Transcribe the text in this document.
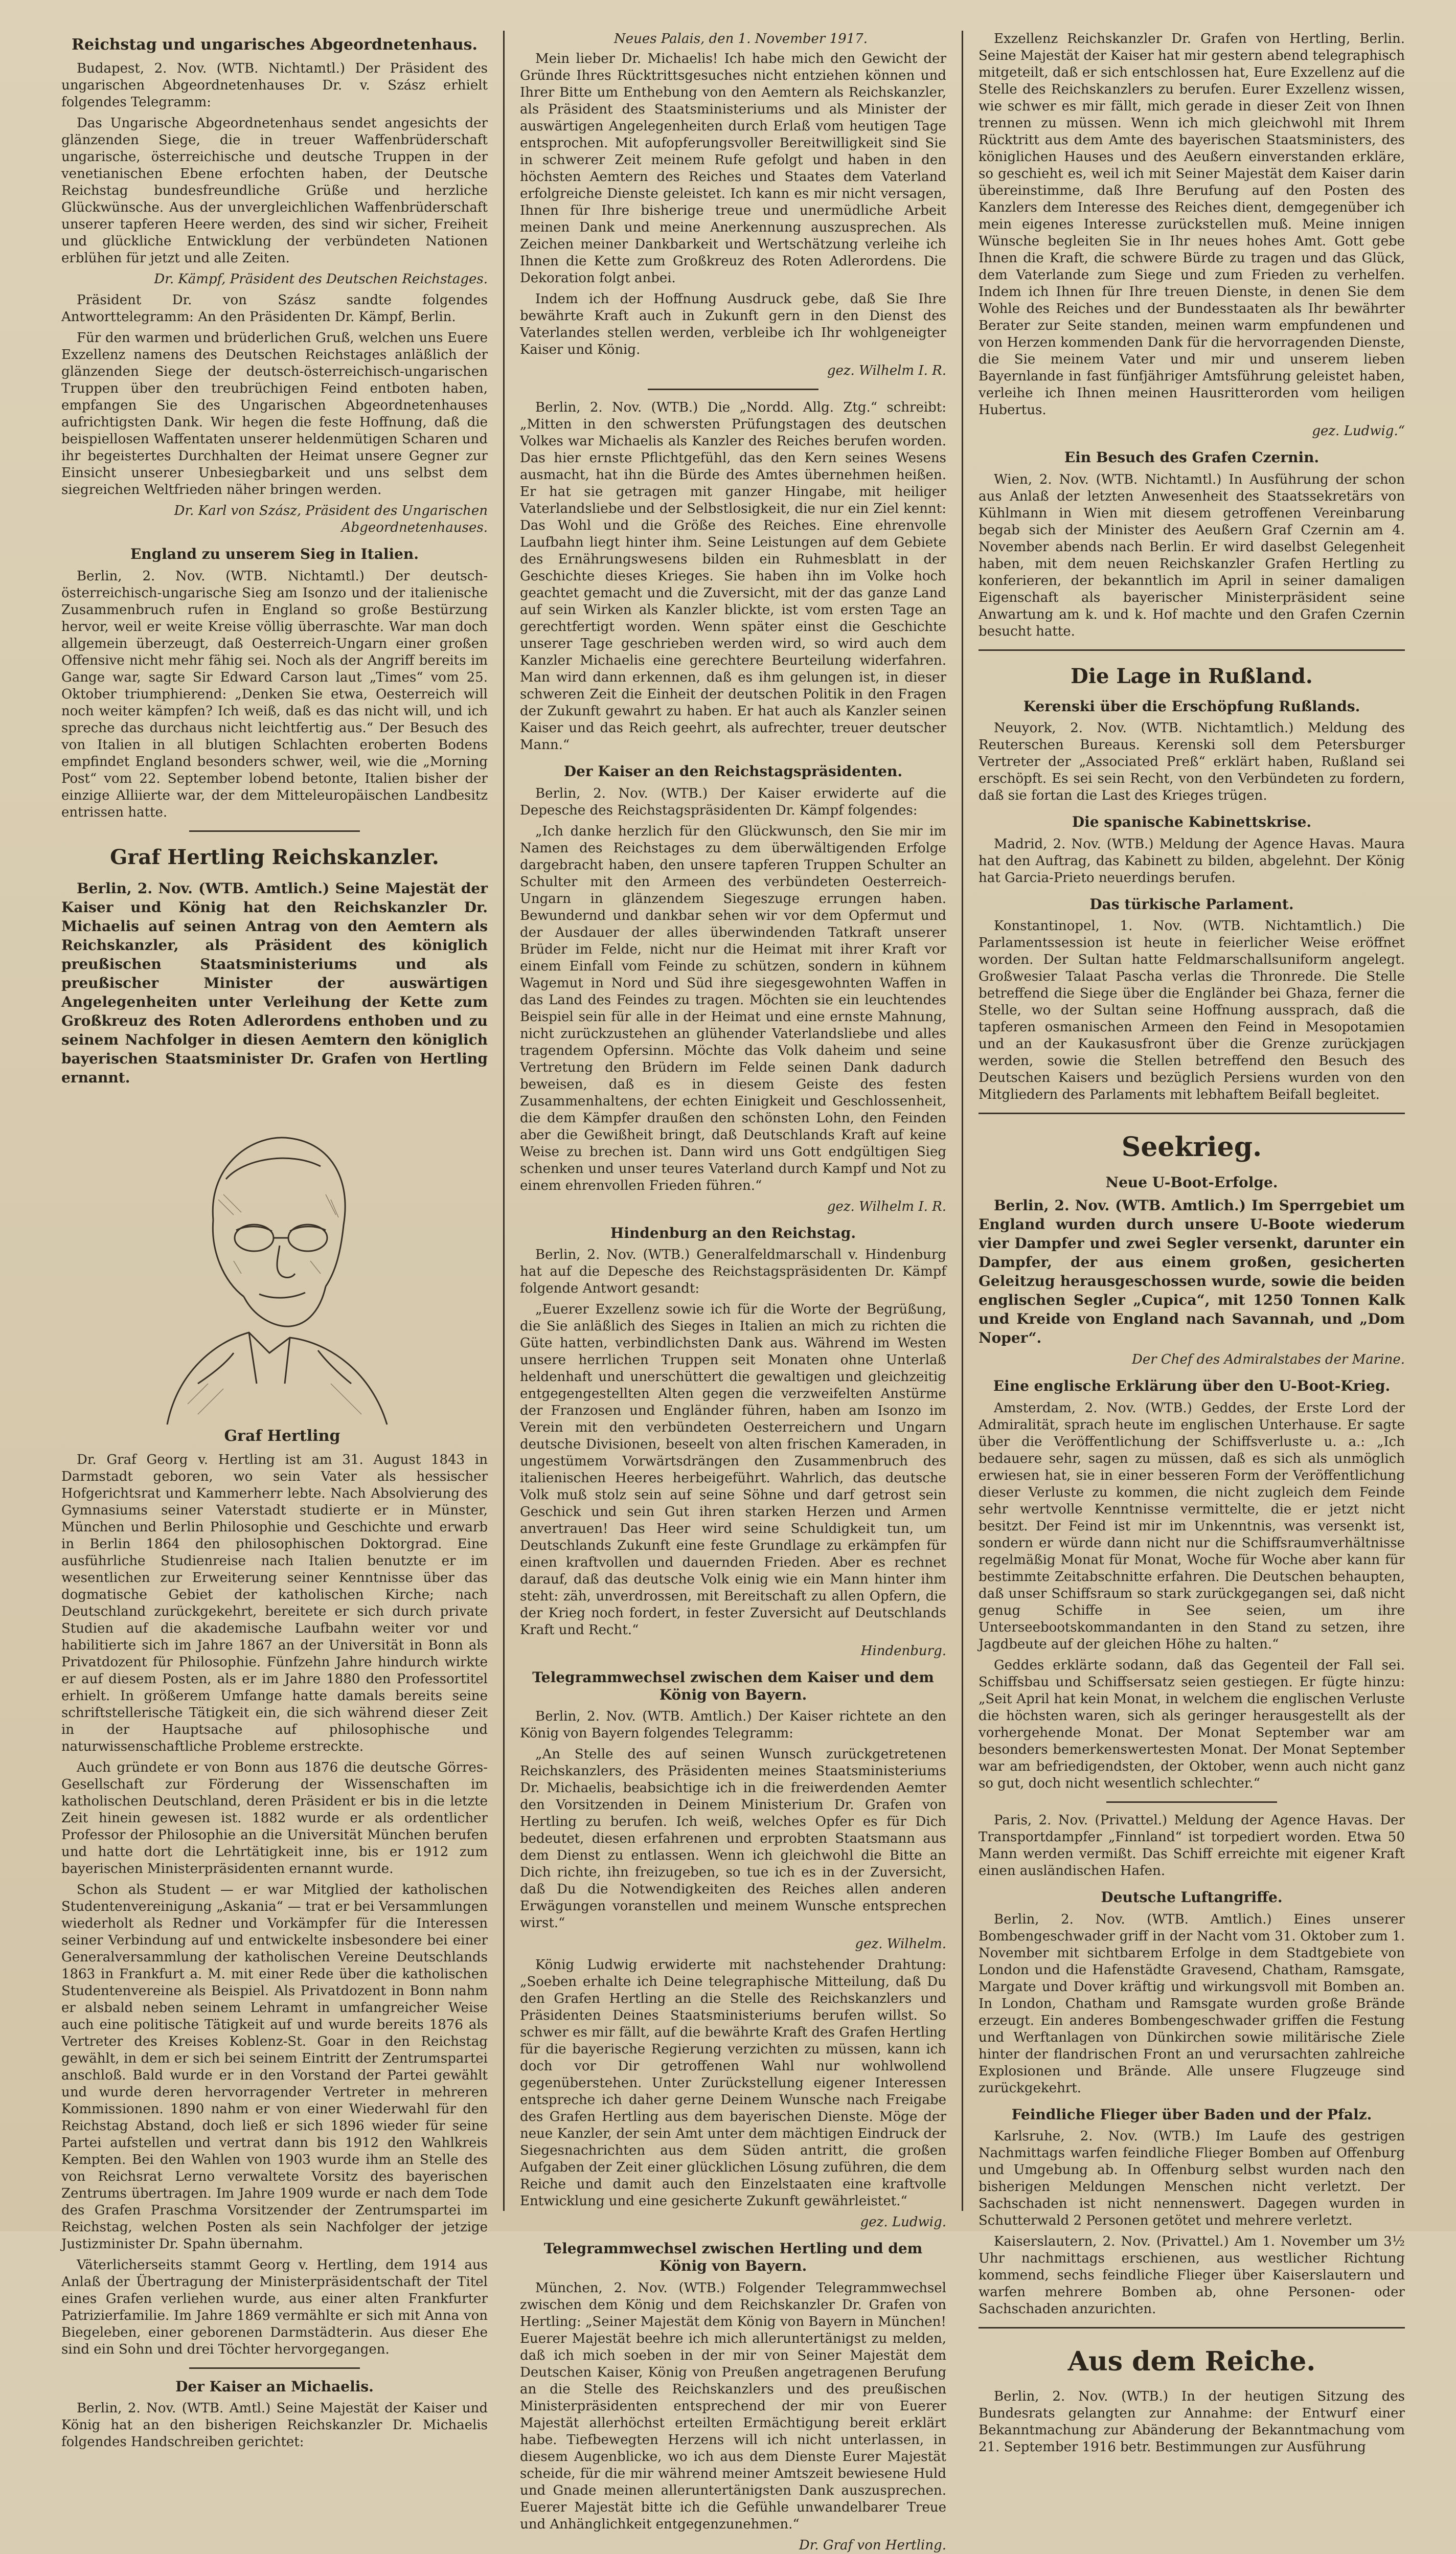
Reichstag und ungarisches Abgeordnetenhaus.

Budapest, 2. Nov. (WTB. Nichtamtl.) Der Präsident des ungarischen Abgeordnetenhauses Dr. v. Szász erhielt folgendes Telegramm:

Das Ungarische Abgeordnetenhaus sendet angesichts der glänzenden Siege, die in treuer Waffenbrüderschaft ungarische, österreichische und deutsche Truppen in der venetianischen Ebene erfochten haben, der Deutsche Reichstag bundesfreundliche Grüße und herzliche Glückwünsche. Aus der unvergleichlichen Waffenbrüderschaft unserer tapferen Heere werden, des sind wir sicher, Freiheit und glückliche Entwicklung der verbündeten Nationen erblühen für jetzt und alle Zeiten.

Dr. Kämpf, Präsident des Deutschen Reichstages.

Präsident Dr. von Szász sandte folgendes Antworttelegramm: An den Präsidenten Dr. Kämpf, Berlin.

Für den warmen und brüderlichen Gruß, welchen uns Euere Exzellenz namens des Deutschen Reichstages anläßlich der glänzenden Siege der deutsch-österreichisch-ungarischen Truppen über den treubrüchigen Feind entboten haben, empfangen Sie des Ungarischen Abgeordnetenhauses aufrichtigsten Dank. Wir hegen die feste Hoffnung, daß die beispiellosen Waffentaten unserer heldenmütigen Scharen und ihr begeistertes Durchhalten der Heimat unsere Gegner zur Einsicht unserer Unbesiegbarkeit und uns selbst dem siegreichen Weltfrieden näher bringen werden.

Dr. Karl von Szász, Präsident des Ungarischen Abgeordnetenhauses.

England zu unserem Sieg in Italien.

Berlin, 2. Nov. (WTB. Nichtamtl.) Der deutsch-österreichisch-ungarische Sieg am Isonzo und der italienische Zusammenbruch rufen in England so große Bestürzung hervor, weil er weite Kreise völlig überraschte. War man doch allgemein überzeugt, daß Oesterreich-Ungarn einer großen Offensive nicht mehr fähig sei. Noch als der Angriff bereits im Gange war, sagte Sir Edward Carson laut „Times“ vom 25. Oktober triumphierend: „Denken Sie etwa, Oesterreich will noch weiter kämpfen? Ich weiß, daß es das nicht will, und ich spreche das durchaus nicht leichtfertig aus.“ Der Besuch des von Italien in all blutigen Schlachten eroberten Bodens empfindet England besonders schwer, weil, wie die „Morning Post“ vom 22. September lobend betonte, Italien bisher der einzige Alliierte war, der dem Mitteleuropäischen Landbesitz entrissen hatte.

Graf Hertling Reichskanzler.

Berlin, 2. Nov. (WTB. Amtlich.) Seine Majestät der Kaiser und König hat den Reichskanzler Dr. Michaelis auf seinen Antrag von den Aemtern als Reichskanzler, als Präsident des königlich preußischen Staatsministeriums und als preußischer Minister der auswärtigen Angelegenheiten unter Verleihung der Kette zum Großkreuz des Roten Adlerordens enthoben und zu seinem Nachfolger in diesen Aemtern den königlich bayerischen Staatsminister Dr. Grafen von Hertling ernannt.

Graf Hertling

Dr. Graf Georg v. Hertling ist am 31. August 1843 in Darmstadt geboren, wo sein Vater als hessischer Hofgerichtsrat und Kammerherr lebte. Nach Absolvierung des Gymnasiums seiner Vaterstadt studierte er in Münster, München und Berlin Philosophie und Geschichte und erwarb in Berlin 1864 den philosophischen Doktorgrad. Eine ausführliche Studienreise nach Italien benutzte er im wesentlichen zur Erweiterung seiner Kenntnisse über das dogmatische Gebiet der katholischen Kirche; nach Deutschland zurückgekehrt, bereitete er sich durch private Studien auf die akademische Laufbahn weiter vor und habilitierte sich im Jahre 1867 an der Universität in Bonn als Privatdozent für Philosophie. Fünfzehn Jahre hindurch wirkte er auf diesem Posten, als er im Jahre 1880 den Professortitel erhielt. In größerem Umfange hatte damals bereits seine schriftstellerische Tätigkeit ein, die sich während dieser Zeit in der Hauptsache auf philosophische und naturwissenschaftliche Probleme erstreckte.

Auch gründete er von Bonn aus 1876 die deutsche Görres-Gesellschaft zur Förderung der Wissenschaften im katholischen Deutschland, deren Präsident er bis in die letzte Zeit hinein gewesen ist. 1882 wurde er als ordentlicher Professor der Philosophie an die Universität München berufen und hatte dort die Lehrtätigkeit inne, bis er 1912 zum bayerischen Ministerpräsidenten ernannt wurde.

Schon als Student — er war Mitglied der katholischen Studentenvereinigung „Askania“ — trat er bei Versammlungen wiederholt als Redner und Vorkämpfer für die Interessen seiner Verbindung auf und entwickelte insbesondere bei einer Generalversammlung der katholischen Vereine Deutschlands 1863 in Frankfurt a. M. mit einer Rede über die katholischen Studentenvereine als Beispiel. Als Privatdozent in Bonn nahm er alsbald neben seinem Lehramt in umfangreicher Weise auch eine politische Tätigkeit auf und wurde bereits 1876 als Vertreter des Kreises Koblenz-St. Goar in den Reichstag gewählt, in dem er sich bei seinem Eintritt der Zentrumspartei anschloß. Bald wurde er in den Vorstand der Partei gewählt und wurde deren hervorragender Vertreter in mehreren Kommissionen. 1890 nahm er von einer Wiederwahl für den Reichstag Abstand, doch ließ er sich 1896 wieder für seine Partei aufstellen und vertrat dann bis 1912 den Wahlkreis Kempten. Bei den Wahlen von 1903 wurde ihm an Stelle des von Reichsrat Lerno verwaltete Vorsitz des bayerischen Zentrums übertragen. Im Jahre 1909 wurde er nach dem Tode des Grafen Praschma Vorsitzender der Zentrumspartei im Reichstag, welchen Posten als sein Nachfolger der jetzige Justizminister Dr. Spahn übernahm.

Väterlicherseits stammt Georg v. Hertling, dem 1914 aus Anlaß der Übertragung der Ministerpräsidentschaft der Titel eines Grafen verliehen wurde, aus einer alten Frankfurter Patrizierfamilie. Im Jahre 1869 vermählte er sich mit Anna von Biegeleben, einer geborenen Darmstädterin. Aus dieser Ehe sind ein Sohn und drei Töchter hervorgegangen.

Der Kaiser an Michaelis.

Berlin, 2. Nov. (WTB. Amtl.) Seine Majestät der Kaiser und König hat an den bisherigen Reichskanzler Dr. Michaelis folgendes Handschreiben gerichtet:

Neues Palais, den 1. November 1917.

Mein lieber Dr. Michaelis! Ich habe mich den Gewicht der Gründe Ihres Rücktrittsgesuches nicht entziehen können und Ihrer Bitte um Enthebung von den Aemtern als Reichskanzler, als Präsident des Staatsministeriums und als Minister der auswärtigen Angelegenheiten durch Erlaß vom heutigen Tage entsprochen. Mit aufopferungsvoller Bereitwilligkeit sind Sie in schwerer Zeit meinem Rufe gefolgt und haben in den höchsten Aemtern des Reiches und Staates dem Vaterland erfolgreiche Dienste geleistet. Ich kann es mir nicht versagen, Ihnen für Ihre bisherige treue und unermüdliche Arbeit meinen Dank und meine Anerkennung auszusprechen. Als Zeichen meiner Dankbarkeit und Wertschätzung verleihe ich Ihnen die Kette zum Großkreuz des Roten Adlerordens. Die Dekoration folgt anbei.

Indem ich der Hoffnung Ausdruck gebe, daß Sie Ihre bewährte Kraft auch in Zukunft gern in den Dienst des Vaterlandes stellen werden, verbleibe ich Ihr wohlgeneigter Kaiser und König.

gez. Wilhelm I. R.

Berlin, 2. Nov. (WTB.) Die „Nordd. Allg. Ztg.“ schreibt: „Mitten in den schwersten Prüfungstagen des deutschen Volkes war Michaelis als Kanzler des Reiches berufen worden. Das hier ernste Pflichtgefühl, das den Kern seines Wesens ausmacht, hat ihn die Bürde des Amtes übernehmen heißen. Er hat sie getragen mit ganzer Hingabe, mit heiliger Vaterlandsliebe und der Selbstlosigkeit, die nur ein Ziel kennt: Das Wohl und die Größe des Reiches. Eine ehrenvolle Laufbahn liegt hinter ihm. Seine Leistungen auf dem Gebiete des Ernährungswesens bilden ein Ruhmesblatt in der Geschichte dieses Krieges. Sie haben ihn im Volke hoch geachtet gemacht und die Zuversicht, mit der das ganze Land auf sein Wirken als Kanzler blickte, ist vom ersten Tage an gerechtfertigt worden. Wenn später einst die Geschichte unserer Tage geschrieben werden wird, so wird auch dem Kanzler Michaelis eine gerechtere Beurteilung widerfahren. Man wird dann erkennen, daß es ihm gelungen ist, in dieser schweren Zeit die Einheit der deutschen Politik in den Fragen der Zukunft gewahrt zu haben. Er hat auch als Kanzler seinen Kaiser und das Reich geehrt, als aufrechter, treuer deutscher Mann.“

Der Kaiser an den Reichstagspräsidenten.

Berlin, 2. Nov. (WTB.) Der Kaiser erwiderte auf die Depesche des Reichstagspräsidenten Dr. Kämpf folgendes:

„Ich danke herzlich für den Glückwunsch, den Sie mir im Namen des Reichstages zu dem überwältigenden Erfolge dargebracht haben, den unsere tapferen Truppen Schulter an Schulter mit den Armeen des verbündeten Oesterreich-Ungarn in glänzendem Siegeszuge errungen haben. Bewundernd und dankbar sehen wir vor dem Opfermut und der Ausdauer der alles überwindenden Tatkraft unserer Brüder im Felde, nicht nur die Heimat mit ihrer Kraft vor einem Einfall vom Feinde zu schützen, sondern in kühnem Wagemut in Nord und Süd ihre siegesgewohnten Waffen in das Land des Feindes zu tragen. Möchten sie ein leuchtendes Beispiel sein für alle in der Heimat und eine ernste Mahnung, nicht zurückzustehen an glühender Vaterlandsliebe und alles tragendem Opfersinn. Möchte das Volk daheim und seine Vertretung den Brüdern im Felde seinen Dank dadurch beweisen, daß es in diesem Geiste des festen Zusammenhaltens, der echten Einigkeit und Geschlossenheit, die dem Kämpfer draußen den schönsten Lohn, den Feinden aber die Gewißheit bringt, daß Deutschlands Kraft auf keine Weise zu brechen ist. Dann wird uns Gott endgültigen Sieg schenken und unser teures Vaterland durch Kampf und Not zu einem ehrenvollen Frieden führen.“

gez. Wilhelm I. R.

Hindenburg an den Reichstag.

Berlin, 2. Nov. (WTB.) Generalfeldmarschall v. Hindenburg hat auf die Depesche des Reichstagspräsidenten Dr. Kämpf folgende Antwort gesandt:

„Euerer Exzellenz sowie ich für die Worte der Begrüßung, die Sie anläßlich des Sieges in Italien an mich zu richten die Güte hatten, verbindlichsten Dank aus. Während im Westen unsere herrlichen Truppen seit Monaten ohne Unterlaß heldenhaft und unerschüttert die gewaltigen und gleichzeitig entgegengestellten Alten gegen die verzweifelten Anstürme der Franzosen und Engländer führen, haben am Isonzo im Verein mit den verbündeten Oesterreichern und Ungarn deutsche Divisionen, beseelt von alten frischen Kameraden, in ungestümem Vorwärtsdrängen den Zusammenbruch des italienischen Heeres herbeigeführt. Wahrlich, das deutsche Volk muß stolz sein auf seine Söhne und darf getrost sein Geschick und sein Gut ihren starken Herzen und Armen anvertrauen! Das Heer wird seine Schuldigkeit tun, um Deutschlands Zukunft eine feste Grundlage zu erkämpfen für einen kraftvollen und dauernden Frieden. Aber es rechnet darauf, daß das deutsche Volk einig wie ein Mann hinter ihm steht: zäh, unverdrossen, mit Bereitschaft zu allen Opfern, die der Krieg noch fordert, in fester Zuversicht auf Deutschlands Kraft und Recht.“

Hindenburg.

Telegrammwechsel zwischen dem Kaiser und dem König von Bayern.

Berlin, 2. Nov. (WTB. Amtlich.) Der Kaiser richtete an den König von Bayern folgendes Telegramm:

„An Stelle des auf seinen Wunsch zurückgetretenen Reichskanzlers, des Präsidenten meines Staatsministeriums Dr. Michaelis, beabsichtige ich in die freiwerdenden Aemter den Vorsitzenden in Deinem Ministerium Dr. Grafen von Hertling zu berufen. Ich weiß, welches Opfer es für Dich bedeutet, diesen erfahrenen und erprobten Staatsmann aus dem Dienst zu entlassen. Wenn ich gleichwohl die Bitte an Dich richte, ihn freizugeben, so tue ich es in der Zuversicht, daß Du die Notwendigkeiten des Reiches allen anderen Erwägungen voranstellen und meinem Wunsche entsprechen wirst.“

gez. Wilhelm.

König Ludwig erwiderte mit nachstehender Drahtung: „Soeben erhalte ich Deine telegraphische Mitteilung, daß Du den Grafen Hertling an die Stelle des Reichskanzlers und Präsidenten Deines Staatsministeriums berufen willst. So schwer es mir fällt, auf die bewährte Kraft des Grafen Hertling für die bayerische Regierung verzichten zu müssen, kann ich doch vor Dir getroffenen Wahl nur wohlwollend gegenüberstehen. Unter Zurückstellung eigener Interessen entspreche ich daher gerne Deinem Wunsche nach Freigabe des Grafen Hertling aus dem bayerischen Dienste. Möge der neue Kanzler, der sein Amt unter dem mächtigen Eindruck der Siegesnachrichten aus dem Süden antritt, die großen Aufgaben der Zeit einer glücklichen Lösung zuführen, die dem Reiche und damit auch den Einzelstaaten eine kraftvolle Entwicklung und eine gesicherte Zukunft gewährleistet.“

gez. Ludwig.

Telegrammwechsel zwischen Hertling und dem König von Bayern.

München, 2. Nov. (WTB.) Folgender Telegrammwechsel zwischen dem König und dem Reichskanzler Dr. Grafen von Hertling: „Seiner Majestät dem König von Bayern in München! Euerer Majestät beehre ich mich alleruntertänigst zu melden, daß ich mich soeben in der mir von Seiner Majestät dem Deutschen Kaiser, König von Preußen angetragenen Berufung an die Stelle des Reichskanzlers und des preußischen Ministerpräsidenten entsprechend der mir von Euerer Majestät allerhöchst erteilten Ermächtigung bereit erklärt habe. Tiefbewegten Herzens will ich nicht unterlassen, in diesem Augenblicke, wo ich aus dem Dienste Eurer Majestät scheide, für die mir während meiner Amtszeit bewiesene Huld und Gnade meinen alleruntertänigsten Dank auszusprechen. Euerer Majestät bitte ich die Gefühle unwandelbarer Treue und Anhänglichkeit entgegenzunehmen.“

Dr. Graf von Hertling.

Exzellenz Reichskanzler Dr. Grafen von Hertling, Berlin. Seine Majestät der Kaiser hat mir gestern abend telegraphisch mitgeteilt, daß er sich entschlossen hat, Eure Exzellenz auf die Stelle des Reichskanzlers zu berufen. Eurer Exzellenz wissen, wie schwer es mir fällt, mich gerade in dieser Zeit von Ihnen trennen zu müssen. Wenn ich mich gleichwohl mit Ihrem Rücktritt aus dem Amte des bayerischen Staatsministers, des königlichen Hauses und des Aeußern einverstanden erkläre, so geschieht es, weil ich mit Seiner Majestät dem Kaiser darin übereinstimme, daß Ihre Berufung auf den Posten des Kanzlers dem Interesse des Reiches dient, demgegenüber ich mein eigenes Interesse zurückstellen muß. Meine innigen Wünsche begleiten Sie in Ihr neues hohes Amt. Gott gebe Ihnen die Kraft, die schwere Bürde zu tragen und das Glück, dem Vaterlande zum Siege und zum Frieden zu verhelfen. Indem ich Ihnen für Ihre treuen Dienste, in denen Sie dem Wohle des Reiches und der Bundesstaaten als Ihr bewährter Berater zur Seite standen, meinen warm empfundenen und von Herzen kommenden Dank für die hervorragenden Dienste, die Sie meinem Vater und mir und unserem lieben Bayernlande in fast fünfjähriger Amtsführung geleistet haben, verleihe ich Ihnen meinen Hausritterorden vom heiligen Hubertus.

gez. Ludwig.“

Ein Besuch des Grafen Czernin.

Wien, 2. Nov. (WTB. Nichtamtl.) In Ausführung der schon aus Anlaß der letzten Anwesenheit des Staatssekretärs von Kühlmann in Wien mit diesem getroffenen Vereinbarung begab sich der Minister des Aeußern Graf Czernin am 4. November abends nach Berlin. Er wird daselbst Gelegenheit haben, mit dem neuen Reichskanzler Grafen Hertling zu konferieren, der bekanntlich im April in seiner damaligen Eigenschaft als bayerischer Ministerpräsident seine Anwartung am k. und k. Hof machte und den Grafen Czernin besucht hatte.

Die Lage in Rußland.
Kerenski über die Erschöpfung Rußlands.

Neuyork, 2. Nov. (WTB. Nichtamtlich.) Meldung des Reuterschen Bureaus. Kerenski soll dem Petersburger Vertreter der „Associated Preß“ erklärt haben, Rußland sei erschöpft. Es sei sein Recht, von den Verbündeten zu fordern, daß sie fortan die Last des Krieges trügen.

Die spanische Kabinettskrise.

Madrid, 2. Nov. (WTB.) Meldung der Agence Havas. Maura hat den Auftrag, das Kabinett zu bilden, abgelehnt. Der König hat Garcia-Prieto neuerdings berufen.

Das türkische Parlament.

Konstantinopel, 1. Nov. (WTB. Nichtamtlich.) Die Parlamentssession ist heute in feierlicher Weise eröffnet worden. Der Sultan hatte Feldmarschallsuniform angelegt. Großwesier Talaat Pascha verlas die Thronrede. Die Stelle betreffend die Siege über die Engländer bei Ghaza, ferner die Stelle, wo der Sultan seine Hoffnung aussprach, daß die tapferen osmanischen Armeen den Feind in Mesopotamien und an der Kaukasusfront über die Grenze zurückjagen werden, sowie die Stellen betreffend den Besuch des Deutschen Kaisers und bezüglich Persiens wurden von den Mitgliedern des Parlaments mit lebhaftem Beifall begleitet.

Seekrieg.
Neue U-Boot-Erfolge.

Berlin, 2. Nov. (WTB. Amtlich.) Im Sperrgebiet um England wurden durch unsere U-Boote wiederum vier Dampfer und zwei Segler versenkt, darunter ein Dampfer, der aus einem großen, gesicherten Geleitzug herausgeschossen wurde, sowie die beiden englischen Segler „Cupica“, mit 1250 Tonnen Kalk und Kreide von England nach Savannah, und „Dom Noper“.

Der Chef des Admiralstabes der Marine.

Eine englische Erklärung über den U-Boot-Krieg.

Amsterdam, 2. Nov. (WTB.) Geddes, der Erste Lord der Admiralität, sprach heute im englischen Unterhause. Er sagte über die Veröffentlichung der Schiffsverluste u. a.: „Ich bedauere sehr, sagen zu müssen, daß es sich als unmöglich erwiesen hat, sie in einer besseren Form der Veröffentlichung dieser Verluste zu kommen, die nicht zugleich dem Feinde sehr wertvolle Kenntnisse vermittelte, die er jetzt nicht besitzt. Der Feind ist mir im Unkenntnis, was versenkt ist, sondern er würde dann nicht nur die Schiffsraumverhältnisse regelmäßig Monat für Monat, Woche für Woche aber kann für bestimmte Zeitabschnitte erfahren. Die Deutschen behaupten, daß unser Schiffsraum so stark zurückgegangen sei, daß nicht genug Schiffe in See seien, um ihre Unterseebootskommandanten in den Stand zu setzen, ihre Jagdbeute auf der gleichen Höhe zu halten.“

Geddes erklärte sodann, daß das Gegenteil der Fall sei. Schiffsbau und Schiffsersatz seien gestiegen. Er fügte hinzu: „Seit April hat kein Monat, in welchem die englischen Verluste die höchsten waren, sich als geringer herausgestellt als der vorhergehende Monat. Der Monat September war am besonders bemerkenswertesten Monat. Der Monat September war am befriedigendsten, der Oktober, wenn auch nicht ganz so gut, doch nicht wesentlich schlechter.“

Paris, 2. Nov. (Privattel.) Meldung der Agence Havas. Der Transportdampfer „Finnland“ ist torpediert worden. Etwa 50 Mann werden vermißt. Das Schiff erreichte mit eigener Kraft einen ausländischen Hafen.

Deutsche Luftangriffe.

Berlin, 2. Nov. (WTB. Amtlich.) Eines unserer Bombengeschwader griff in der Nacht vom 31. Oktober zum 1. November mit sichtbarem Erfolge in dem Stadtgebiete von London und die Hafenstädte Gravesend, Chatham, Ramsgate, Margate und Dover kräftig und wirkungsvoll mit Bomben an. In London, Chatham und Ramsgate wurden große Brände erzeugt. Ein anderes Bombengeschwader griffen die Festung und Werftanlagen von Dünkirchen sowie militärische Ziele hinter der flandrischen Front an und verursachten zahlreiche Explosionen und Brände. Alle unsere Flugzeuge sind zurückgekehrt.

Feindliche Flieger über Baden und der Pfalz.

Karlsruhe, 2. Nov. (WTB.) Im Laufe des gestrigen Nachmittags warfen feindliche Flieger Bomben auf Offenburg und Umgebung ab. In Offenburg selbst wurden nach den bisherigen Meldungen Menschen nicht verletzt. Der Sachschaden ist nicht nennenswert. Dagegen wurden in Schutterwald 2 Personen getötet und mehrere verletzt.

Kaiserslautern, 2. Nov. (Privattel.) Am 1. November um 3½ Uhr nachmittags erschienen, aus westlicher Richtung kommend, sechs feindliche Flieger über Kaiserslautern und warfen mehrere Bomben ab, ohne Personen- oder Sachschaden anzurichten.

Aus dem Reiche.

Berlin, 2. Nov. (WTB.) In der heutigen Sitzung des Bundesrats gelangten zur Annahme: der Entwurf einer Bekanntmachung zur Abänderung der Bekanntmachung vom 21. September 1916 betr. Bestimmungen zur Ausführung
